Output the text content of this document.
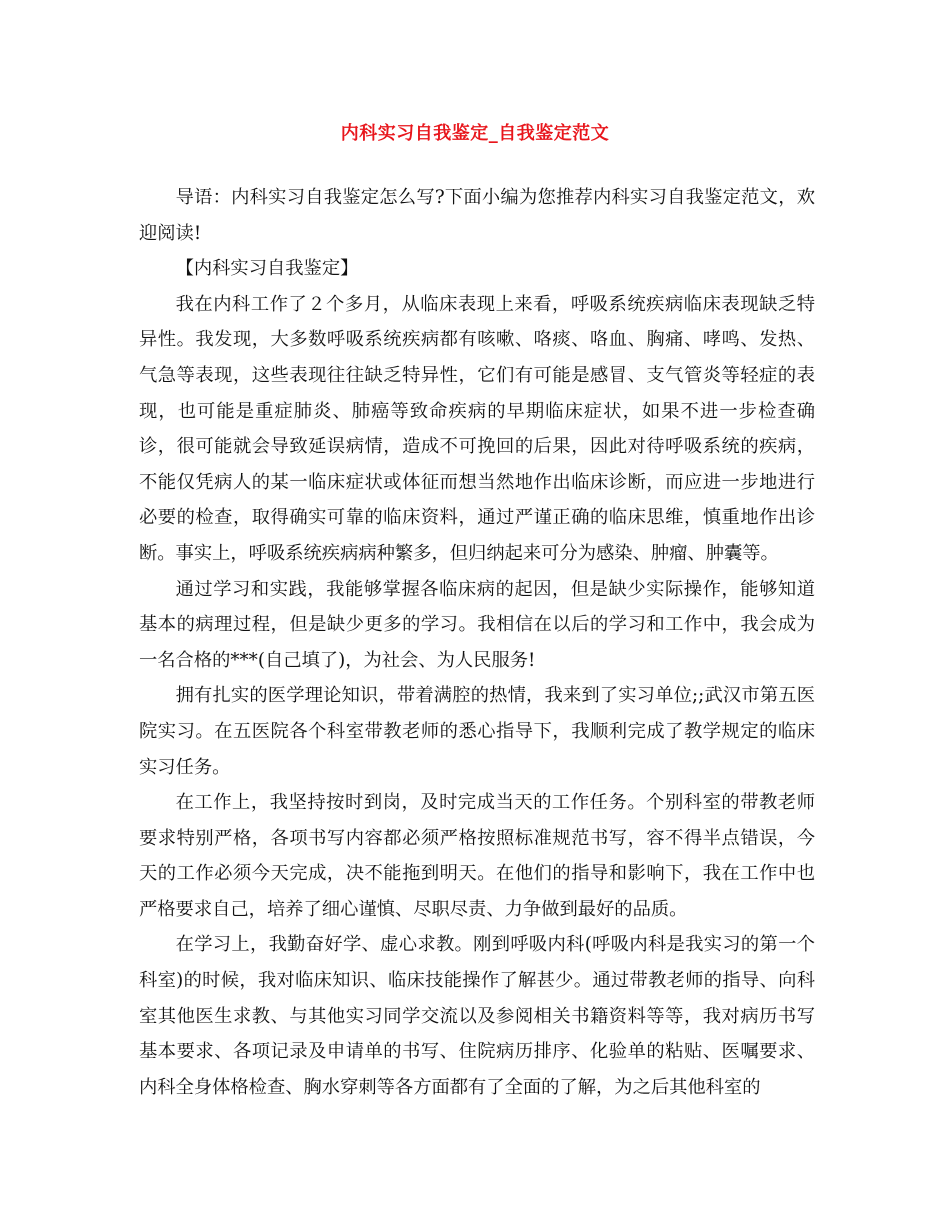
内科实习自我鉴定_自我鉴定范文

导语：内科实习自我鉴定怎么写?下面小编为您推荐内科实习自我鉴定范文，欢迎阅读!

【内科实习自我鉴定】

我在内科工作了２个多月，从临床表现上来看，呼吸系统疾病临床表现缺乏特异性。我发现，大多数呼吸系统疾病都有咳嗽、咯痰、咯血、胸痛、哮鸣、发热、气急等表现，这些表现往往缺乏特异性，它们有可能是感冒、支气管炎等轻症的表现，也可能是重症肺炎、肺癌等致命疾病的早期临床症状，如果不进一步检查确诊，很可能就会导致延误病情，造成不可挽回的后果，因此对待呼吸系统的疾病，不能仅凭病人的某一临床症状或体征而想当然地作出临床诊断，而应进一步地进行必要的检查，取得确实可靠的临床资料，通过严谨正确的临床思维，慎重地作出诊断。事实上，呼吸系统疾病病种繁多，但归纳起来可分为感染、肿瘤、肿囊等。

通过学习和实践，我能够掌握各临床病的起因，但是缺少实际操作，能够知道基本的病理过程，但是缺少更多的学习。我相信在以后的学习和工作中，我会成为一名合格的***(自己填了)，为社会、为人民服务!

拥有扎实的医学理论知识，带着满腔的热情，我来到了实习单位;;武汉市第五医院实习。在五医院各个科室带教老师的悉心指导下，我顺利完成了教学规定的临床实习任务。

在工作上，我坚持按时到岗，及时完成当天的工作任务。个别科室的带教老师要求特别严格，各项书写内容都必须严格按照标准规范书写，容不得半点错误，今天的工作必须今天完成，决不能拖到明天。在他们的指导和影响下，我在工作中也严格要求自己，培养了细心谨慎、尽职尽责、力争做到最好的品质。

在学习上，我勤奋好学、虚心求教。刚到呼吸内科(呼吸内科是我实习的第一个科室)的时候，我对临床知识、临床技能操作了解甚少。通过带教老师的指导、向科室其他医生求教、与其他实习同学交流以及参阅相关书籍资料等等，我对病历书写基本要求、各项记录及申请单的书写、住院病历排序、化验单的粘贴、医嘱要求、内科全身体格检查、胸水穿刺等各方面都有了全面的了解，为之后其他科室的
